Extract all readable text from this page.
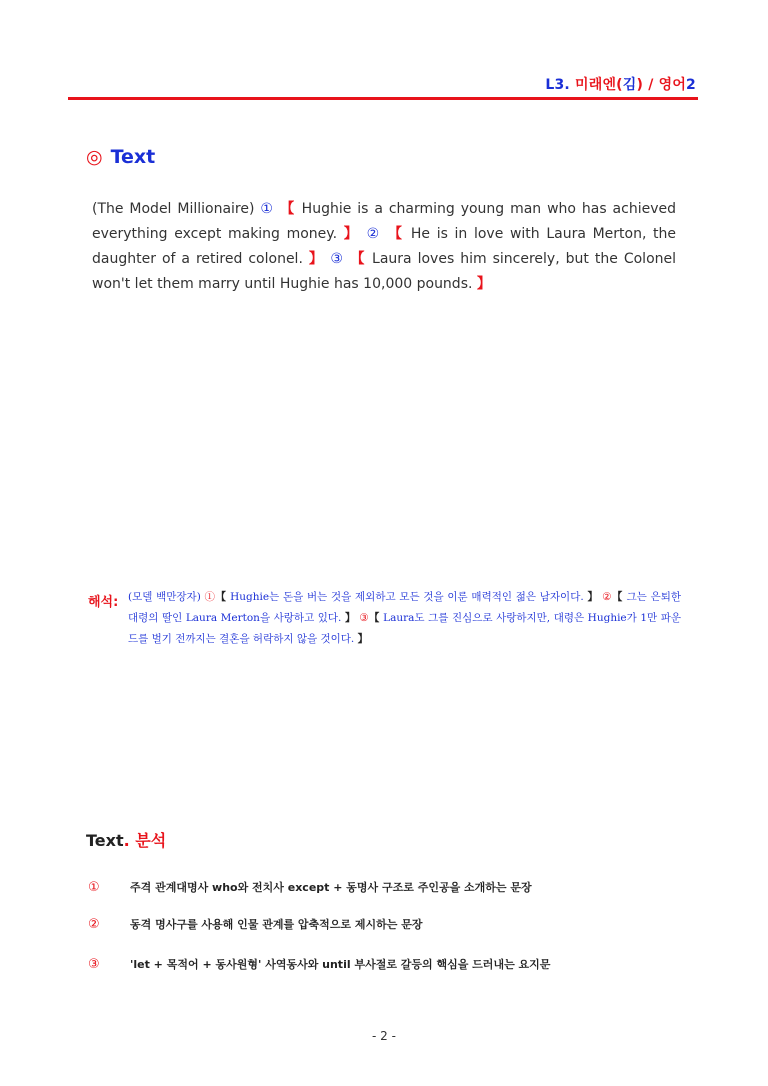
L3. 미래엔(김) / 영어2
◎ Text
(The Model Millionaire) ① 【 Hughie is a charming young man who has achieved everything except making money. 】 ② 【 He is in love with Laura Merton, the daughter of a retired colonel. 】 ③ 【 Laura loves him sincerely, but the Colonel won't let them marry until Hughie has 10,000 pounds. 】
해석: (모델 백만장자) ①【 Hughie는 돈을 버는 것을 제외하고 모든 것을 이룬 매력적인 젊은 남자이다. 】 ②【 그는 은퇴한 대령의 딸인 Laura Merton을 사랑하고 있다. 】 ③【 Laura도 그를 진심으로 사랑하지만, 대령은 Hughie가 1만 파운드를 벌기 전까지는 결혼을 허락하지 않을 것이다. 】
Text. 분석
①	주격 관계대명사 who와 전치사 except + 동명사 구조로 주인공을 소개하는 문장
②	동격 명사구를 사용해 인물 관계를 압축적으로 제시하는 문장
③	'let + 목적어 + 동사원형' 사역동사와 until 부사절로 갈등의 핵심을 드러내는 요지문
- 2 -
